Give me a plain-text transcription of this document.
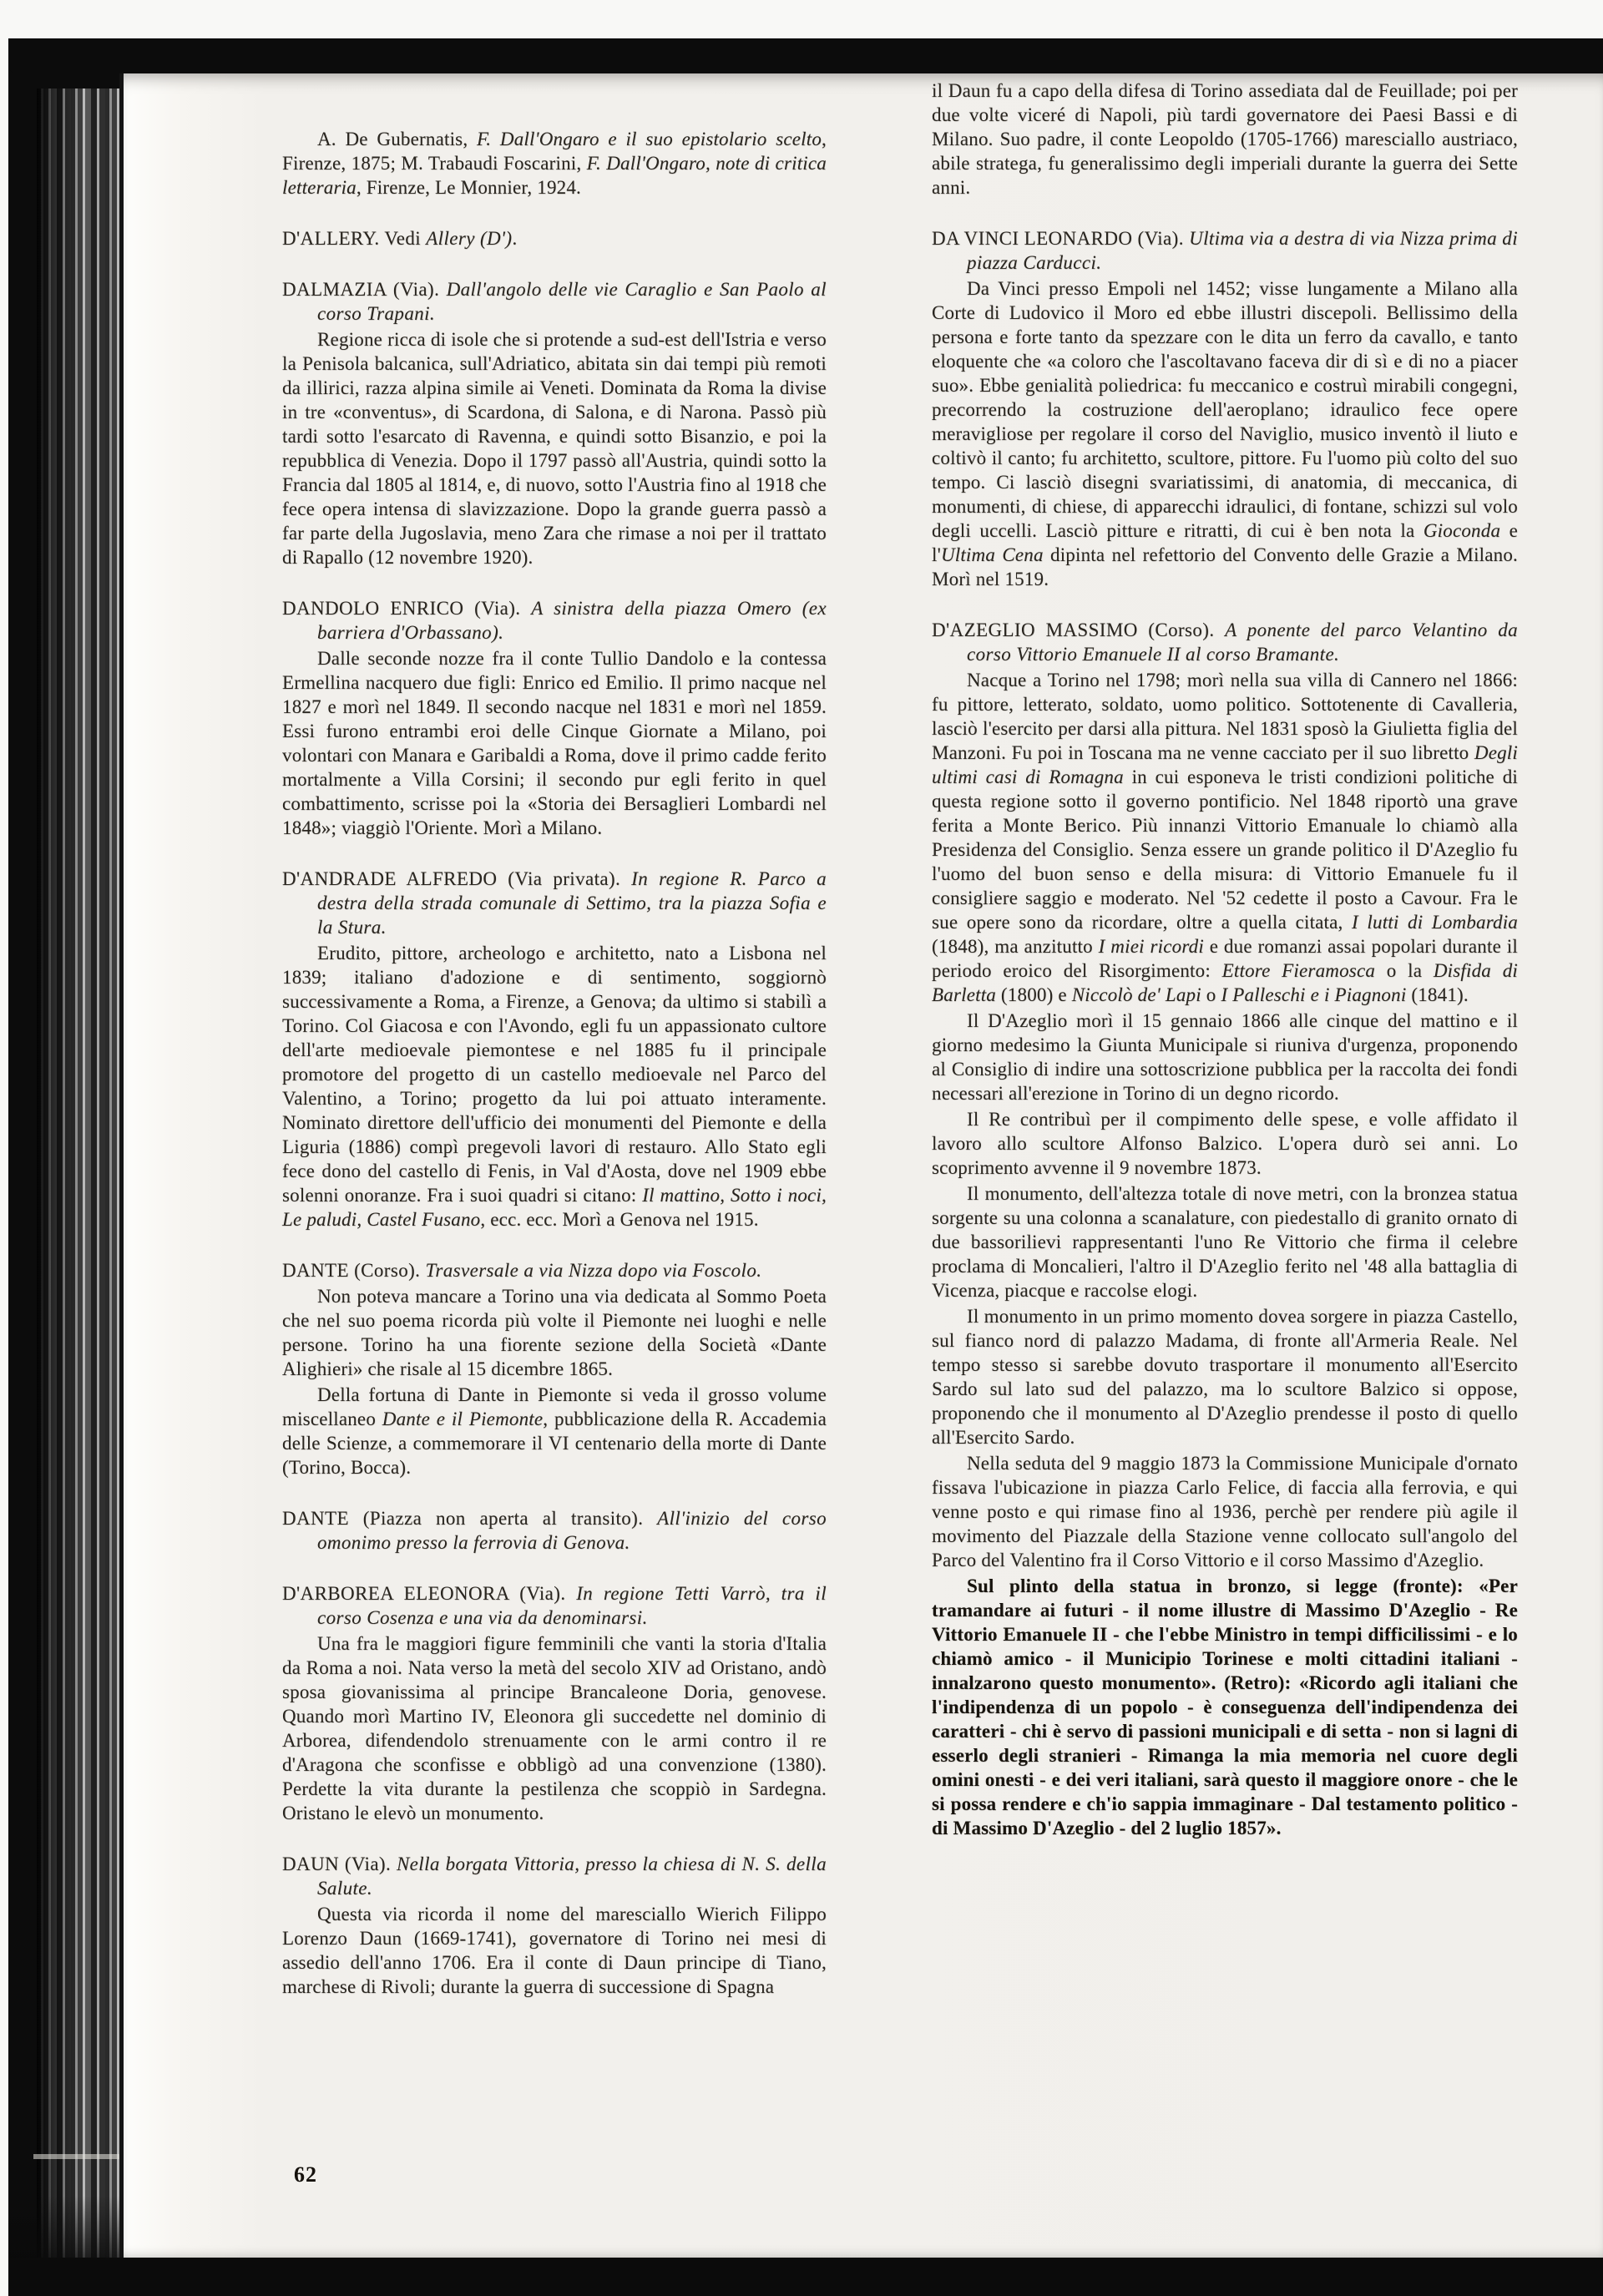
A. De Gubernatis, F. Dall'Ongaro e il suo epistolario scelto, Firenze, 1875; M. Trabaudi Foscarini, F. Dall'Ongaro, note di critica letteraria, Firenze, Le Monnier, 1924.

D'ALLERY. Vedi Allery (D').
DALMAZIA (Via). Dall'angolo delle vie Caraglio e San Paolo al corso Trapani.

Regione ricca di isole che si protende a sud-est dell'Istria e verso la Penisola balcanica, sull'Adriatico, abitata sin dai tempi più remoti da illirici, razza alpina simile ai Veneti. Dominata da Roma la divise in tre «conventus», di Scardona, di Salona, e di Narona. Passò più tardi sotto l'esarcato di Ravenna, e quindi sotto Bisanzio, e poi la repubblica di Venezia. Dopo il 1797 passò all'Austria, quindi sotto la Francia dal 1805 al 1814, e, di nuovo, sotto l'Austria fino al 1918 che fece opera intensa di slavizzazione. Dopo la grande guerra passò a far parte della Jugoslavia, meno Zara che rimase a noi per il trattato di Rapallo (12 novembre 1920).

DANDOLO ENRICO (Via). A sinistra della piazza Omero (ex barriera d'Orbassano).

Dalle seconde nozze fra il conte Tullio Dandolo e la contessa Ermellina nacquero due figli: Enrico ed Emilio. Il primo nacque nel 1827 e morì nel 1849. Il secondo nacque nel 1831 e morì nel 1859. Essi furono entrambi eroi delle Cinque Giornate a Milano, poi volontari con Manara e Garibaldi a Roma, dove il primo cadde ferito mortalmente a Villa Corsini; il secondo pur egli ferito in quel combattimento, scrisse poi la «Storia dei Bersaglieri Lombardi nel 1848»; viaggiò l'Oriente. Morì a Milano.

D'ANDRADE ALFREDO (Via privata). In regione R. Parco a destra della strada comunale di Settimo, tra la piazza Sofia e la Stura.

Erudito, pittore, archeologo e architetto, nato a Lisbona nel 1839; italiano d'adozione e di sentimento, soggiornò successivamente a Roma, a Firenze, a Genova; da ultimo si stabilì a Torino. Col Giacosa e con l'Avondo, egli fu un appassionato cultore dell'arte medioevale piemontese e nel 1885 fu il principale promotore del progetto di un castello medioevale nel Parco del Valentino, a Torino; progetto da lui poi attuato interamente. Nominato direttore dell'ufficio dei monumenti del Piemonte e della Liguria (1886) compì pregevoli lavori di restauro. Allo Stato egli fece dono del castello di Fenis, in Val d'Aosta, dove nel 1909 ebbe solenni onoranze. Fra i suoi quadri si citano: Il mattino, Sotto i noci, Le paludi, Castel Fusano, ecc. ecc. Morì a Genova nel 1915.

DANTE (Corso). Trasversale a via Nizza dopo via Foscolo.

Non poteva mancare a Torino una via dedicata al Sommo Poeta che nel suo poema ricorda più volte il Piemonte nei luoghi e nelle persone. Torino ha una fiorente sezione della Società «Dante Alighieri» che risale al 15 dicembre 1865.

Della fortuna di Dante in Piemonte si veda il grosso volume miscellaneo Dante e il Piemonte, pubblicazione della R. Accademia delle Scienze, a commemorare il VI centenario della morte di Dante (Torino, Bocca).

DANTE (Piazza non aperta al transito). All'inizio del corso omonimo presso la ferrovia di Genova.
D'ARBOREA ELEONORA (Via). In regione Tetti Varrò, tra il corso Cosenza e una via da denominarsi.

Una fra le maggiori figure femminili che vanti la storia d'Italia da Roma a noi. Nata verso la metà del secolo XIV ad Oristano, andò sposa giovanissima al principe Brancaleone Doria, genovese. Quando morì Martino IV, Eleonora gli succedette nel dominio di Arborea, difendendolo strenuamente con le armi contro il re d'Aragona che sconfisse e obbligò ad una convenzione (1380). Perdette la vita durante la pestilenza che scoppiò in Sardegna. Oristano le elevò un monumento.

DAUN (Via). Nella borgata Vittoria, presso la chiesa di N. S. della Salute.

Questa via ricorda il nome del maresciallo Wierich Filippo Lorenzo Daun (1669-1741), governatore di Torino nei mesi di assedio dell'anno 1706. Era il conte di Daun principe di Tiano, marchese di Rivoli; durante la guerra di successione di Spagna

il Daun fu a capo della difesa di Torino assediata dal de Feuillade; poi per due volte viceré di Napoli, più tardi governatore dei Paesi Bassi e di Milano. Suo padre, il conte Leopoldo (1705-1766) maresciallo austriaco, abile stratega, fu generalissimo degli imperiali durante la guerra dei Sette anni.

DA VINCI LEONARDO (Via). Ultima via a destra di via Nizza prima di piazza Carducci.

Da Vinci presso Empoli nel 1452; visse lungamente a Milano alla Corte di Ludovico il Moro ed ebbe illustri discepoli. Bellissimo della persona e forte tanto da spezzare con le dita un ferro da cavallo, e tanto eloquente che «a coloro che l'ascoltavano faceva dir di sì e di no a piacer suo». Ebbe genialità poliedrica: fu meccanico e costruì mirabili congegni, precorrendo la costruzione dell'aeroplano; idraulico fece opere meravigliose per regolare il corso del Naviglio, musico inventò il liuto e coltivò il canto; fu architetto, scultore, pittore. Fu l'uomo più colto del suo tempo. Ci lasciò disegni svariatissimi, di anatomia, di meccanica, di monumenti, di chiese, di apparecchi idraulici, di fontane, schizzi sul volo degli uccelli. Lasciò pitture e ritratti, di cui è ben nota la Gioconda e l'Ultima Cena dipinta nel refettorio del Convento delle Grazie a Milano. Morì nel 1519.

D'AZEGLIO MASSIMO (Corso). A ponente del parco Velantino da corso Vittorio Emanuele II al corso Bramante.

Nacque a Torino nel 1798; morì nella sua villa di Cannero nel 1866: fu pittore, letterato, soldato, uomo politico. Sottotenente di Cavalleria, lasciò l'esercito per darsi alla pittura. Nel 1831 sposò la Giulietta figlia del Manzoni. Fu poi in Toscana ma ne venne cacciato per il suo libretto Degli ultimi casi di Romagna in cui esponeva le tristi condizioni politiche di questa regione sotto il governo pontificio. Nel 1848 riportò una grave ferita a Monte Berico. Più innanzi Vittorio Emanuale lo chiamò alla Presidenza del Consiglio. Senza essere un grande politico il D'Azeglio fu l'uomo del buon senso e della misura: di Vittorio Emanuele fu il consigliere saggio e moderato. Nel '52 cedette il posto a Cavour. Fra le sue opere sono da ricordare, oltre a quella citata, I lutti di Lombardia (1848), ma anzitutto I miei ricordi e due romanzi assai popolari durante il periodo eroico del Risorgimento: Ettore Fieramosca o la Disfida di Barletta (1800) e Niccolò de' Lapi o I Palleschi e i Piagnoni (1841).

Il D'Azeglio morì il 15 gennaio 1866 alle cinque del mattino e il giorno medesimo la Giunta Municipale si riuniva d'urgenza, proponendo al Consiglio di indire una sottoscrizione pubblica per la raccolta dei fondi necessari all'erezione in Torino di un degno ricordo.

Il Re contribuì per il compimento delle spese, e volle affidato il lavoro allo scultore Alfonso Balzico. L'opera durò sei anni. Lo scoprimento avvenne il 9 novembre 1873.

Il monumento, dell'altezza totale di nove metri, con la bronzea statua sorgente su una colonna a scanalature, con piedestallo di granito ornato di due bassorilievi rappresentanti l'uno Re Vittorio che firma il celebre proclama di Moncalieri, l'altro il D'Azeglio ferito nel '48 alla battaglia di Vicenza, piacque e raccolse elogi.

Il monumento in un primo momento dovea sorgere in piazza Castello, sul fianco nord di palazzo Madama, di fronte all'Armeria Reale. Nel tempo stesso si sarebbe dovuto trasportare il monumento all'Esercito Sardo sul lato sud del palazzo, ma lo scultore Balzico si oppose, proponendo che il monumento al D'Azeglio prendesse il posto di quello all'Esercito Sardo.

Nella seduta del 9 maggio 1873 la Commissione Municipale d'ornato fissava l'ubicazione in piazza Carlo Felice, di faccia alla ferrovia, e qui venne posto e qui rimase fino al 1936, perchè per rendere più agile il movimento del Piazzale della Stazione venne collocato sull'angolo del Parco del Valentino fra il Corso Vittorio e il corso Massimo d'Azeglio.

Sul plinto della statua in bronzo, si legge (fronte): «Per tramandare ai futuri - il nome illustre di Massimo D'Azeglio - Re Vittorio Emanuele II - che l'ebbe Ministro in tempi difficilissimi - e lo chiamò amico - il Municipio Torinese e molti cittadini italiani - innalzarono questo monumento». (Retro): «Ricordo agli italiani che l'indipendenza di un popolo - è conseguenza dell'indipendenza dei caratteri - chi è servo di passioni municipali e di setta - non si lagni di esserlo degli stranieri - Rimanga la mia memoria nel cuore degli omini onesti - e dei veri italiani, sarà questo il maggiore onore - che le si possa rendere e ch'io sappia immaginare - Dal testamento politico - di Massimo D'Azeglio - del 2 luglio 1857».

62
